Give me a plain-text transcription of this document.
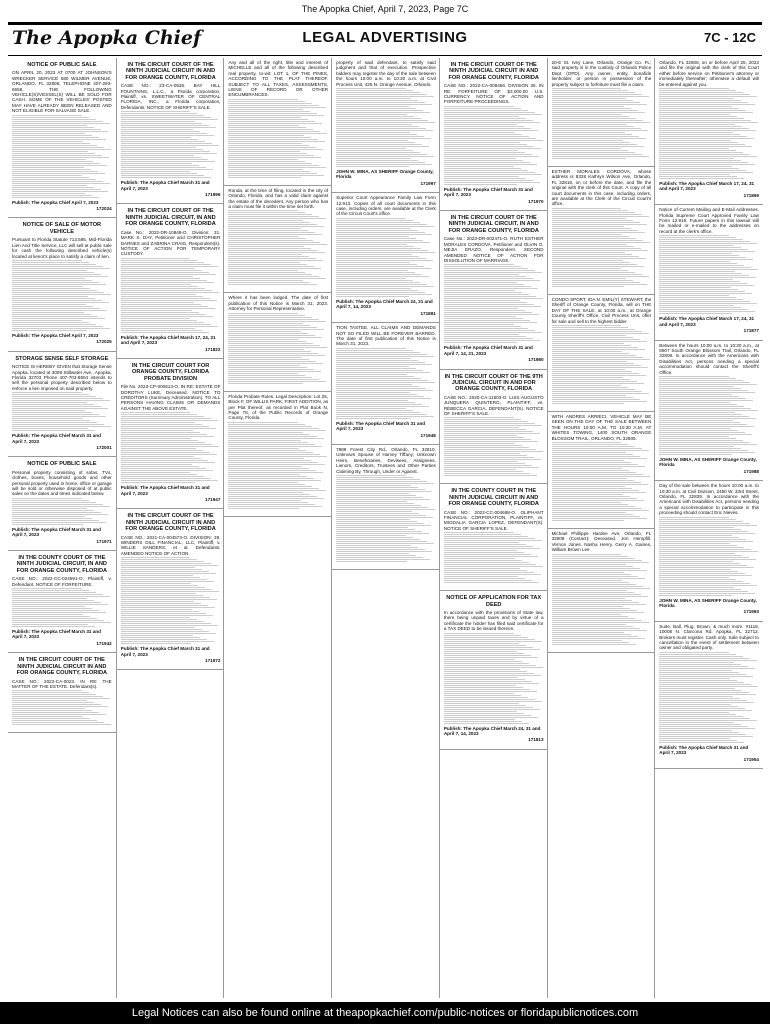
The Apopka Chief, April 7, 2023, Page 7C
The Apopka Chief	LEGAL ADVERTISING	7C - 12C
NOTICE OF PUBLIC SALE
ON APRIL 20, 2023 AT 0700 AT JOHNSON'S WRECKER SERVICE 580 WILMER AVENUE, ORLANDO, FL 32808, TELEPHONE 407-293-6658, THE FOLLOWING VEHICLE(S)/VESSEL(S) WILL BE SOLD FOR CASH. SOME OF THE VEHICLES' POSTED MAY HAVE ALREADY BEEN RELEASED AND NOT ELIGIBLE FOR SALVAGE SALE.
Publish: The Apopka Chief April 7, 2023
172024
NOTICE OF SALE OF MOTOR VEHICLE
Pursuant to Florida Statute 713.585, Mid-Florida Lien And Title Service, LLC will sell at public sale for cash the following described vehicle(s) located at lienor's place to satisfy a claim of lien.
Publish: The Apopka Chief April 7, 2023
172025
STORAGE SENSE SELF STORAGE
NOTICE IS HEREBY GIVEN that Storage Sense Apopka, located at 3008 Stillwater Ave., Apopka, Florida 32703 Phone 407-703-8604 intends to sell the personal property described below to enforce a lien imposed on said property.
Publish: The Apopka Chief March 31 and April 7, 2023
172001
NOTICE OF PUBLIC SALE
Personal property consisting of sofas, TVs, clothes, boxes, household goods and other personal property used in home, office or garage will be sold or otherwise disposed of at public sales on the dates and times indicated below.
Publish: The Apopka Chief March 31 and April 7, 2023
171971
IN THE COUNTY COURT OF THE NINTH JUDICIAL CIRCUIT, IN AND FOR ORANGE COUNTY, FLORIDA
CASE NO.: 2022-CC-024591-O. Plaintiff, v. Defendant. NOTICE OF FORFEITURE.
Publish: The Apopka Chief March 31 and April 7, 2023
171942
IN THE CIRCUIT COURT OF THE NINTH JUDICIAL CIRCUIT IN AND FOR ORANGE COUNTY, FLORIDA
CASE NO.: 2022-CA-0023. IN RE: THE MATTER OF THE ESTATE. Defendant(s).
IN THE CIRCUIT COURT OF THE NINTH JUDICIAL CIRCUIT IN AND FOR ORANGE COUNTY, FLORIDA
CASE NO.: 23-CA-0536. BAY HILL FOUNTAINS, L.L.C., a Florida corporation, Plaintiff, vs. SWEETWATER OF CENTRAL FLORIDA, INC., a Florida corporation, Defendants. NOTICE OF SHERIFF'S SALE.
Publish: The Apopka Chief March 31 and April 7, 2023
171996
IN THE CIRCUIT COURT OF THE NINTH JUDICIAL CIRCUIT, IN AND FOR ORANGE COUNTY, FLORIDA
Case No.: 2022-DR-10948-O. Division: 31. MARK S. DAY, Petitioner and CHRISTOPHER DARNES and ZABRINA CRAIG, Respondent(s). NOTICE OF ACTION FOR TEMPORARY CUSTODY.
Publish: The Apopka Chief March 17, 24, 31 and April 7, 2023
171822
IN THE CIRCUIT COURT FOR ORANGE COUNTY, FLORIDA PROBATE DIVISION
File No. 2023-CP-000613-O. IN RE: ESTATE OF DOROTHY LUKE, Deceased. NOTICE TO CREDITORS (Summary Administration). TO ALL PERSONS HAVING CLAIMS OR DEMANDS AGAINST THE ABOVE ESTATE.
Publish: The Apopka Chief March 31 and April 7, 2023
171947
IN THE CIRCUIT COURT OF THE NINTH JUDICIAL CIRCUIT IN AND FOR ORANGE COUNTY, FLORIDA
CASE NO.: 2021-CA-004573-O. DIVISION: 39. WINDERS DILL FINANCIAL, LLC, Plaintiff, v. WILLIE SANDERS; et al. Defendants. AMENDED NOTICE OF ACTION.
Publish: The Apopka Chief March 31 and April 7, 2023
171972
Any and all of the right, title and interest of MICHELLE and all of the following described real property, to-wit: LOT 1, OF THE PINES, ACCORDING TO THE PLAT THEREOF. SUBJECT TO ALL TAXES, ASSESSMENTS, LIENS OF RECORD OR OTHER ENCUMBRANCES.
Ronda, at the time of filing, located in the city of Orlando, Florida, and has a valid claim against the estate of the decedent. Any person who has a claim must file it within the time set forth.
Where it has been lodged. The date of first publication of this Notice is March 31, 2023. Attorney for Personal Representative.
Florida Probate Rules. Legal Description: Lot 25, Block F, OF WILLIS PARK, FIRST ADDITION, as per Plat thereof, as recorded in Plat Book N, Page 78, of the Public Records of Orange County, Florida.
property of said defendant, to satisfy said judgment and that of execution. Prospective bidders may register the day of the sale between the hours 10:00 a.m. to 10:30 a.m. at Civil Process Unit, 425 N. Orange Avenue, Orlando.
JOHN W. MINA, AS SHERIFF Orange County, Florida
171997
Superior Court Appearance Family Law Form 12.913. Copies of all court documents in this case, including orders, are available at the Clerk of the Circuit Court's office.
Publish: The Apopka Chief March 24, 31 and April 7, 14, 2023
171891
TION TASTEE. ALL CLAIMS AND DEMANDS NOT SO FILED WILL BE FOREVER BARRED. The date of first publication of this Notice is March 31, 2023.
Publish: The Apopka Chief March 31 and April 7, 2023
171948
7989 Forest City Rd., Orlando, FL 32810. Unknown Spouse of Harvey Tiffany; Unknown Heirs, Beneficiaries, Devisees, Assignees, Lienors, Creditors, Trustees and Other Parties Claiming By, Through, Under or Against.
IN THE CIRCUIT COURT OF THE NINTH JUDICIAL CIRCUIT IN AND FOR ORANGE COUNTY, FLORIDA
CASE NO.: 2022-CA-009456. DIVISION 35. IN RE: FORFEITURE OF $3,000.00 U.S. CURRENCY. NOTICE OF ACTION AND FORFEITURE PROCEEDINGS.
Publish: The Apopka Chief March 31 and April 7, 2023
171970
IN THE CIRCUIT COURT OF THE NINTH JUDICIAL CIRCUIT, IN AND FOR ORANGE COUNTY, FLORIDA
Case No.: 2023-DR-002471-O. RUTH ESTHER MORALES CORDOVA, Petitioner and OLVIN O. MEJIA ERAZO, Respondent. SECOND AMENDED NOTICE OF ACTION FOR DISSOLUTION OF MARRIAGE.
Publish: The Apopka Chief March 31 and April 7, 14, 21, 2023
171980
IN THE CIRCUIT COURT OF THE 9TH JUDICIAL CIRCUIT IN AND FOR ORANGE COUNTY, FLORIDA
CASE NO.: 2020-CA-11503-O. LUIS AUGUSTO JUNQUERA QUINTERO, PLAINTIFF, vs. REBECCA GARCIA, DEFENDANT(S). NOTICE OF SHERIFF'S SALE.
IN THE COUNTY COURT IN THE NINTH JUDICIAL CIRCUIT IN AND FOR ORANGE COUNTY, FLORIDA
CASE NO.: 2022-CC-004688-O. OLIPHANT FINANCIAL CORPORATION, PLAINTIFF, vs. MIGDALIA GARCIA LOPEZ, DEFENDANT(S). NOTICE OF SHERIFF'S SALE.
NOTICE OF APPLICATION FOR TAX DEED
In accordance with the provisions of State law, there being unpaid taxes and by virtue of a certificate the holder has filed said certificate for a TAX DEED to be issued thereon.
Publish: The Apopka Chief March 24, 31 and April 7, 14, 2023
171813
20-E St. Ivey Lane, Orlando, Orange Co. FL; said property is in the custody of Orlando Police Dept (OPD). Any owner, entity, bonafide lienholder, or person in possession of the property subject to forfeiture must file a claim.
ESTHER MORALES CORDOVA, whose address is 8328 Kathryn Wilson Ave, Orlando, FL 32818, on or before the date, and file the original with the clerk of this Court. A copy of all court documents in this case, including orders, are available at the Clerk of the Circuit Court's office.
CONDO SPORT, IDA N. EMIL(Y) STEWART, the Sheriff of Orange County, Florida, will on THE DAY OF THE SALE, at 10:00 a.m., at Orange County Sheriff's Office, Civil Process Unit, offer for sale and sell to the highest bidder.
WITH ANDRES ARRIECI, VEHICLE MAY BE SEEN ON THE DAY OF THE SALE BETWEEN THE HOURS 10:00 A.M. TO 10:30 A.M. AT WHITES TOWING, 1400 SOUTH ORANGE BLOSSOM TRAIL, ORLANDO, FL 32805.
Michael Phillippe Hardee Ave, Orlando, FL 32809 (Contact): Deceased. Jon Hempfill. Vernon Jones. Nasha Henry. Gerry A. Gaines, William Brown Lee.
Orlando, FL 32808, on or before April 25, 2023 and file the original with the clerk of this Court either before service on Petitioner's attorney or immediately thereafter; otherwise a default will be entered against you.
Publish: The Apopka Chief March 17, 24, 31 and April 7, 2023
171869
Notice of Current Mailing and E-Mail Addresses. Florida Supreme Court Approved Family Law Form 12.915. Future papers in this lawsuit will be mailed or e-mailed to the addresses on record at the clerk's office.
Publish: The Apopka Chief March 17, 24, 31 and April 7, 2023
171877
Between the hours 10:00 a.m. to 10:30 a.m., at 8907 South Orange Blossom Trail, Orlando, FL 32809. In accordance with the Americans with Disabilities Act, persons needing a special accommodation should contact the Sheriff's Office.
JOHN W. MINA, AS SHERIFF Orange County, Florida
171988
Day of the sale between the hours 10:00 a.m. to 10:30 a.m. at Civil Division, 2450 W. 33rd Street, Orlando, FL 32839. In accordance with the Americans with Disabilities Act, persons needing a special accommodation to participate in this proceeding should contact Eric Nieves.
JOHN W. MINA, AS SHERIFF Orange County, Florida
171993
Suite, Ball, Plug, Brown, & much more. #1118, 10008 N. Clarcona Rd. Apopka, FL 32712. Brokers must register. Cash only. Sale subject to cancellation in the event of settlement between owner and obligated party.
Publish: The Apopka Chief March 31 and April 7, 2023
171954
Legal Notices can also be found online at theapopkachief.com/public-notices or floridapublicnotices.com
